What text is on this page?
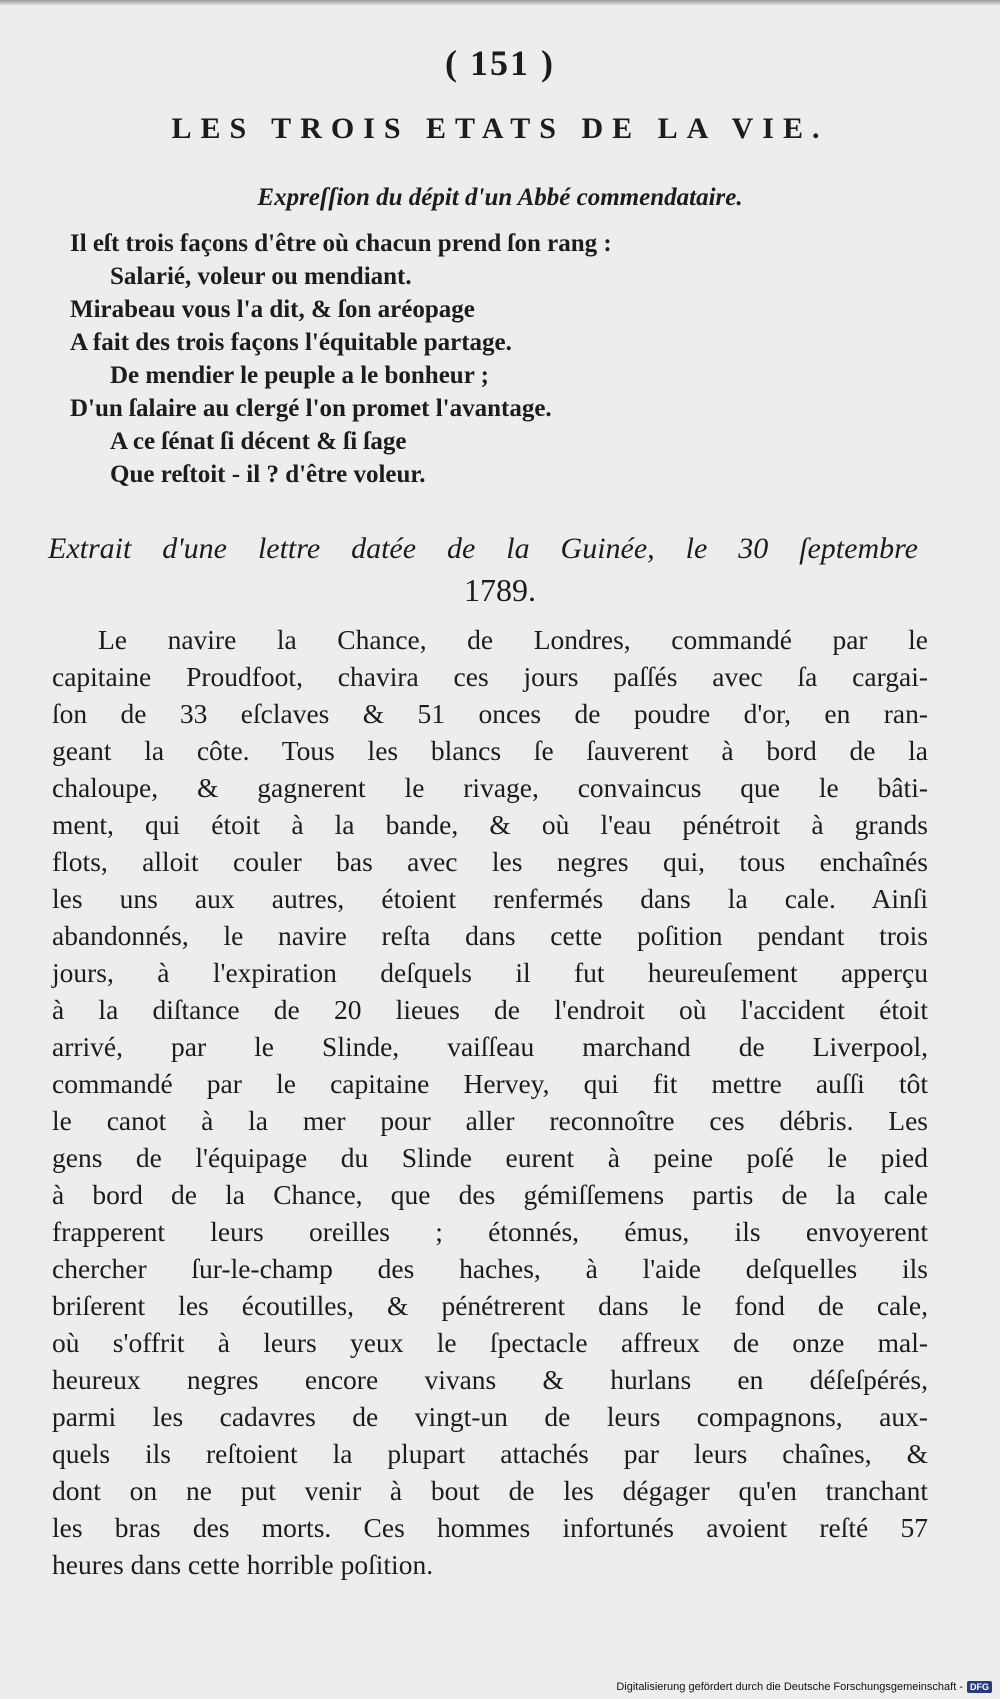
( 151 )
LES TROIS ETATS DE LA VIE.
Expreſſion du dépit d'un Abbé commendataire.
Il eſt trois façons d'être où chacun prend ſon rang :
Salarié, voleur ou mendiant.
Mirabeau vous l'a dit, & ſon aréopage
A fait des trois façons l'équitable partage.
De mendier le peuple a le bonheur ;
D'un ſalaire au clergé l'on promet l'avantage.
A ce ſénat ſi décent & ſi ſage
Que reſtoit - il ? d'être voleur.
Extrait d'une lettre datée de la Guinée, le 30 ſeptembre
1789.
Le navire la Chance, de Londres, commandé par le
capitaine Proudfoot, chavira ces jours paſſés avec ſa cargai-
ſon de 33 eſclaves & 51 onces de poudre d'or, en ran-
geant la côte. Tous les blancs ſe ſauverent à bord de la
chaloupe, & gagnerent le rivage, convaincus que le bâti-
ment, qui étoit à la bande, & où l'eau pénétroit à grands
flots, alloit couler bas avec les negres qui, tous enchaînés
les uns aux autres, étoient renfermés dans la cale. Ainſi
abandonnés, le navire reſta dans cette poſition pendant trois
jours, à l'expiration deſquels il fut heureuſement apperçu
à la diſtance de 20 lieues de l'endroit où l'accident étoit
arrivé, par le Slinde, vaiſſeau marchand de Liverpool,
commandé par le capitaine Hervey, qui fit mettre auſſi tôt
le canot à la mer pour aller reconnoître ces débris. Les
gens de l'équipage du Slinde eurent à peine poſé le pied
à bord de la Chance, que des gémiſſemens partis de la cale
frapperent leurs oreilles ; étonnés, émus, ils envoyerent
chercher ſur-le-champ des haches, à l'aide deſquelles ils
briſerent les écoutilles, & pénétrerent dans le fond de cale,
où s'offrit à leurs yeux le ſpectacle affreux de onze mal-
heureux negres encore vivans & hurlans en déſeſpérés,
parmi les cadavres de vingt-un de leurs compagnons, aux-
quels ils reſtoient la plupart attachés par leurs chaînes, &
dont on ne put venir à bout de les dégager qu'en tranchant
les bras des morts. Ces hommes infortunés avoient reſté 57
heures dans cette horrible poſition.
Digitalisierung gefördert durch die Deutsche Forschungsgemeinschaft - DFG
